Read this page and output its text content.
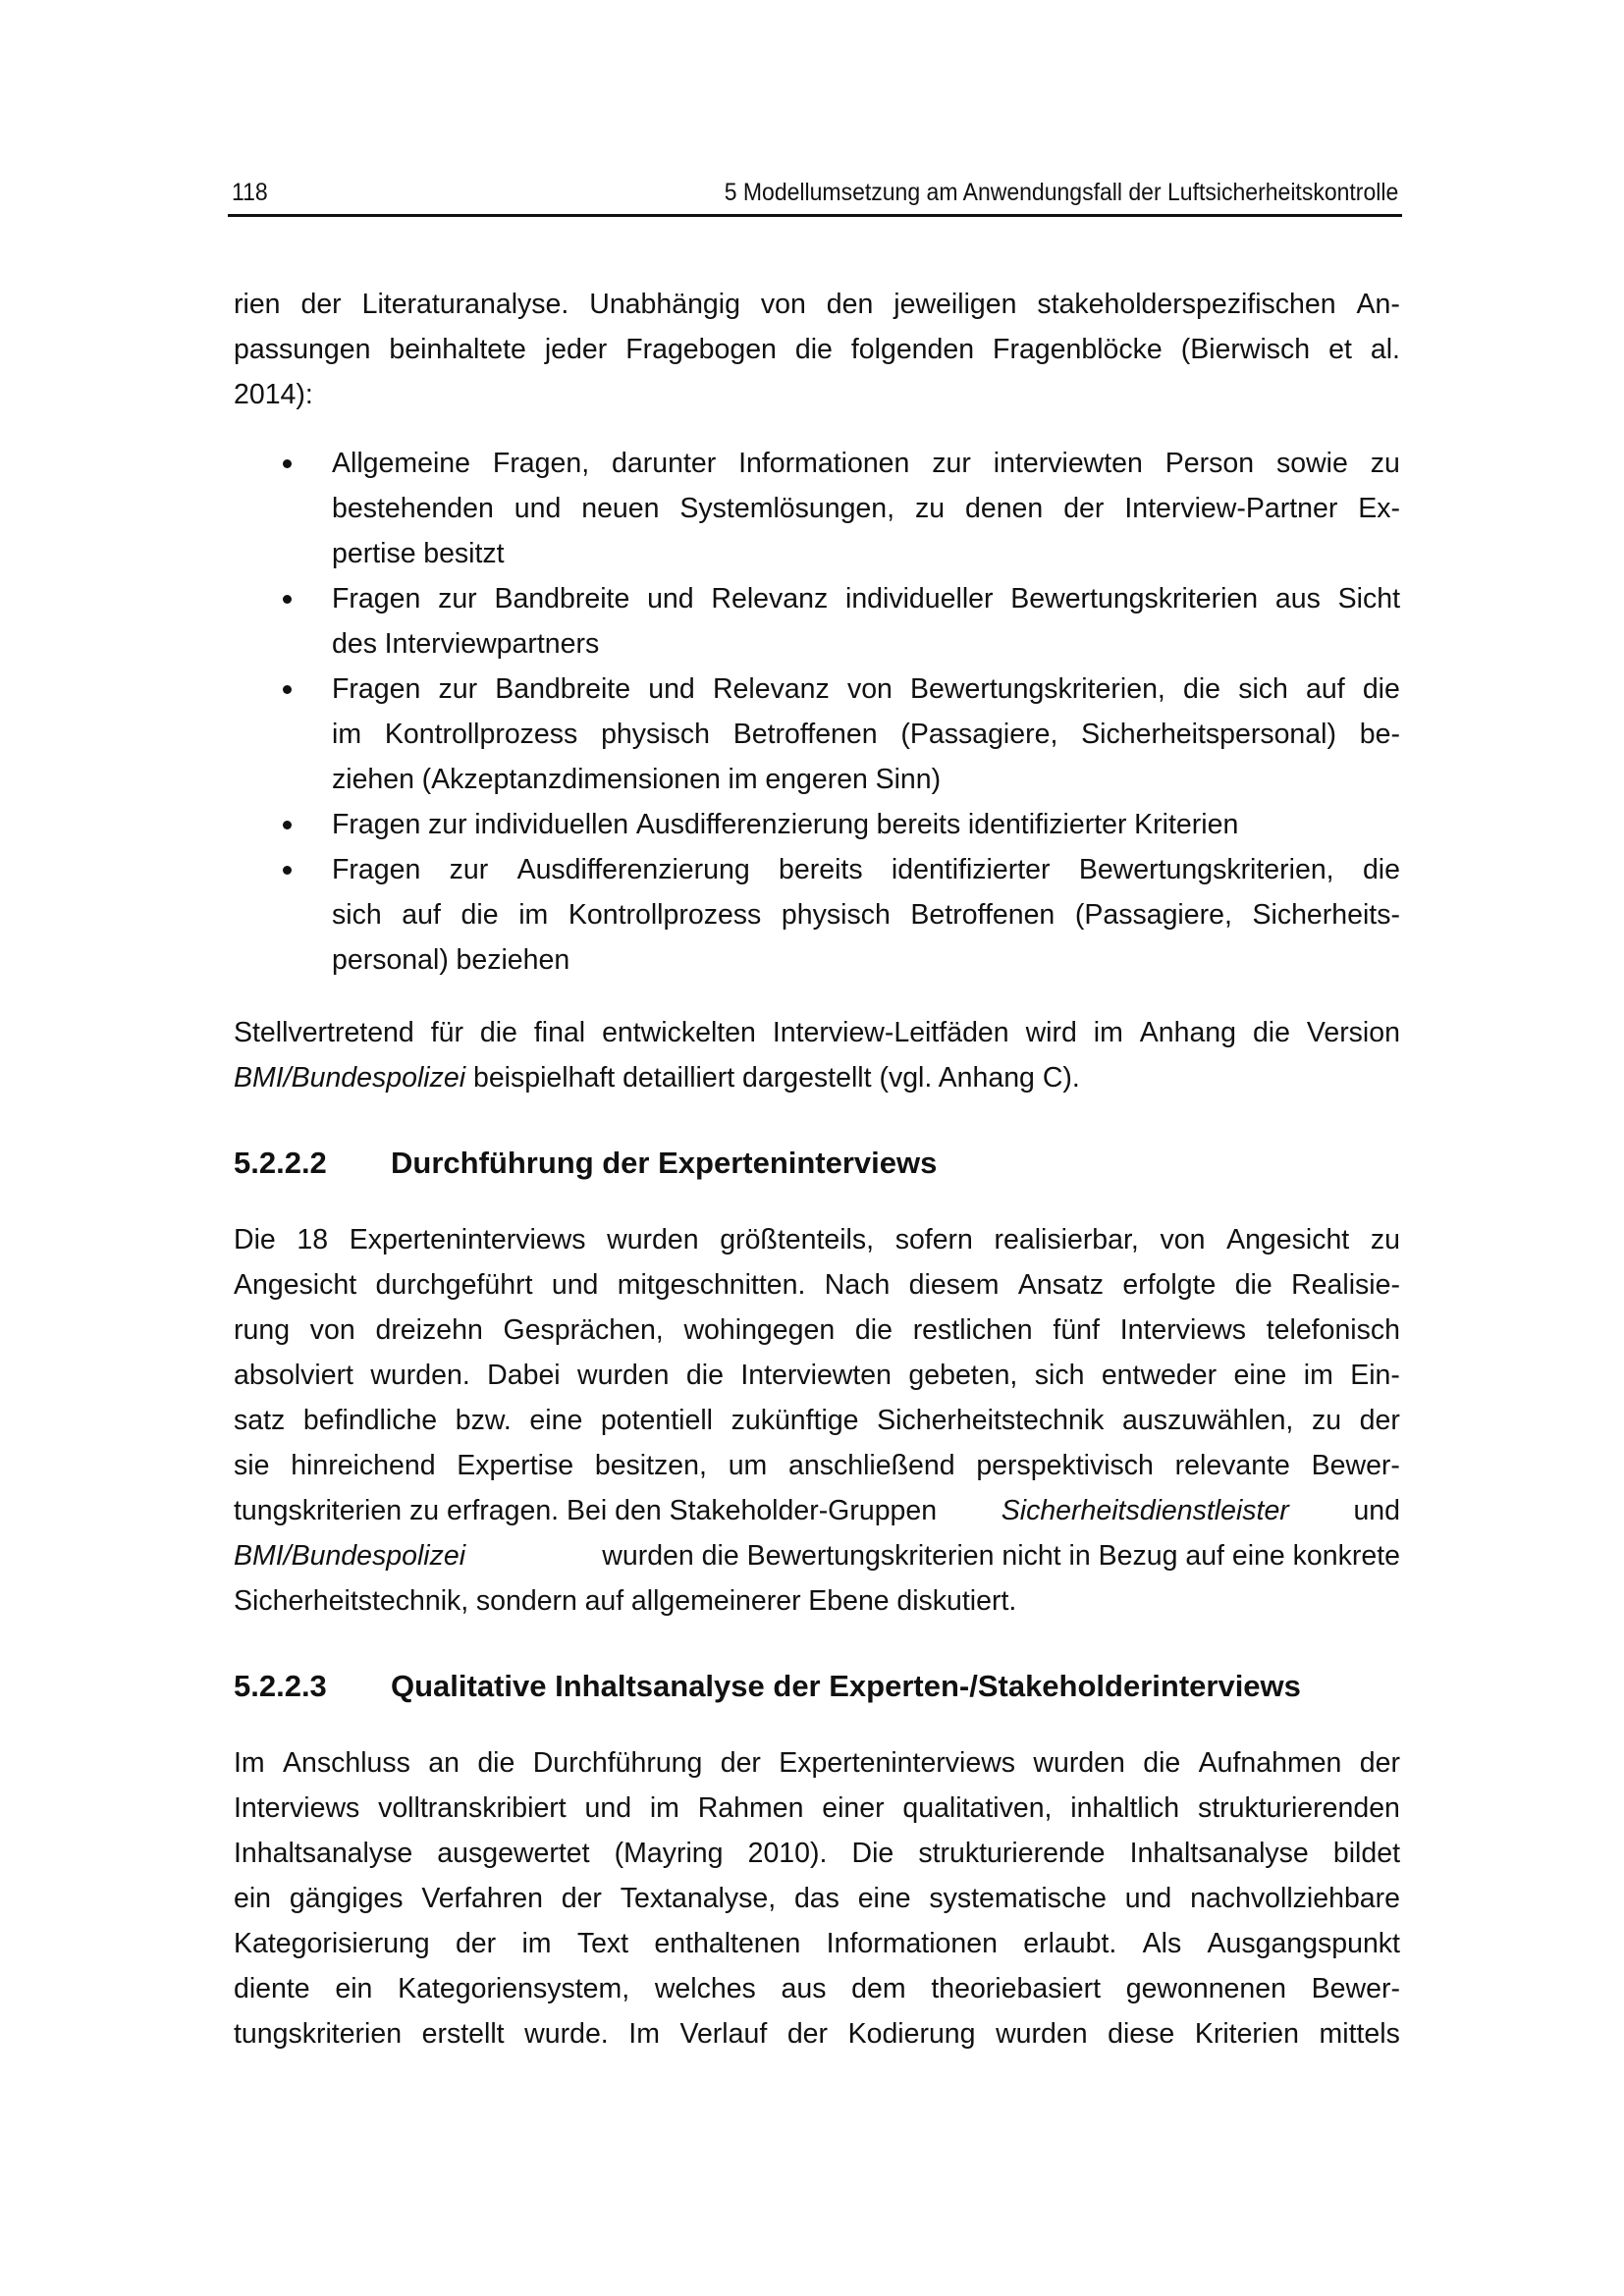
118	5 Modellumsetzung am Anwendungsfall der Luftsicherheitskontrolle
rien der Literaturanalyse. Unabhängig von den jeweiligen stakeholderspezifischen An-
passungen beinhaltete jeder Fragebogen die folgenden Fragenblöcke (Bierwisch et al.
2014):
Allgemeine Fragen, darunter Informationen zur interviewten Person sowie zu
bestehenden und neuen Systemlösungen, zu denen der Interview-Partner Ex-
pertise besitzt
Fragen zur Bandbreite und Relevanz individueller Bewertungskriterien aus Sicht
des Interviewpartners
Fragen zur Bandbreite und Relevanz von Bewertungskriterien, die sich auf die
im Kontrollprozess physisch Betroffenen (Passagiere, Sicherheitspersonal) be-
ziehen (Akzeptanzdimensionen im engeren Sinn)
Fragen zur individuellen Ausdifferenzierung bereits identifizierter Kriterien
Fragen zur Ausdifferenzierung bereits identifizierter Bewertungskriterien, die
sich auf die im Kontrollprozess physisch Betroffenen (Passagiere, Sicherheits-
personal) beziehen
Stellvertretend für die final entwickelten Interview-Leitfäden wird im Anhang die Version
BMI/Bundespolizei
beispielhaft detailliert dargestellt (vgl. Anhang C).
5.2.2.2 Durchführung der Experteninterviews
Die 18 Experteninterviews wurden größtenteils, sofern realisierbar, von Angesicht zu
Angesicht durchgeführt und mitgeschnitten. Nach diesem Ansatz erfolgte die Realisie-
rung von dreizehn Gesprächen, wohingegen die restlichen fünf Interviews telefonisch
absolviert wurden. Dabei wurden die Interviewten gebeten, sich entweder eine im Ein-
satz befindliche bzw. eine potentiell zukünftige Sicherheitstechnik auszuwählen, zu der
sie hinreichend Expertise besitzen, um anschließend perspektivisch relevante Bewer-
tungskriterien zu erfragen. Bei den Stakeholder-Gruppen Sicherheitsdienstleister und
BMI/Bundespolizei	wurden die Bewertungskriterien nicht in Bezug auf eine konkrete
Sicherheitstechnik, sondern auf allgemeinerer Ebene diskutiert.
5.2.2.3 Qualitative Inhaltsanalyse der Experten-/Stakeholderinterviews
Im Anschluss an die Durchführung der Experteninterviews wurden die Aufnahmen der
Interviews volltranskribiert und im Rahmen einer qualitativen, inhaltlich strukturierenden
Inhaltsanalyse ausgewertet (Mayring 2010). Die strukturierende Inhaltsanalyse bildet
ein gängiges Verfahren der Textanalyse, das eine systematische und nachvollziehbare
Kategorisierung der im Text enthaltenen Informationen erlaubt. Als Ausgangspunkt
diente ein Kategoriensystem, welches aus dem theoriebasiert gewonnenen Bewer-
tungskriterien erstellt wurde. Im Verlauf der Kodierung wurden diese Kriterien mittels
